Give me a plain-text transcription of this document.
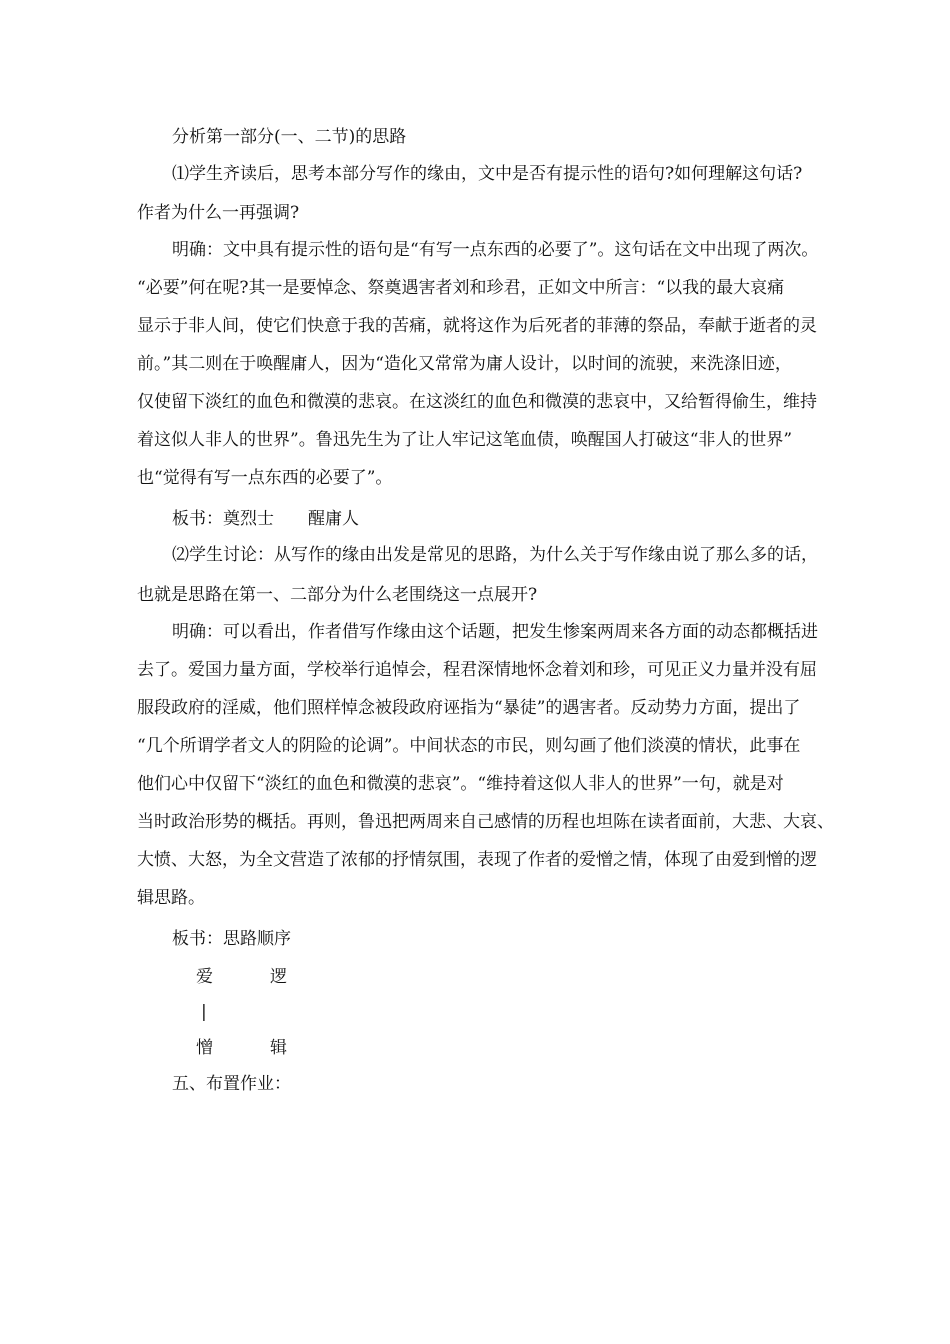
分析第一部分(一、二节)的思路
⑴学生齐读后，思考本部分写作的缘由，文中是否有提示性的语句?如何理解这句话?
作者为什么一再强调?
明确：文中具有提示性的语句是“有写一点东西的必要了”。这句话在文中出现了两次。
“必要”何在呢?其一是要悼念、祭奠遇害者刘和珍君，正如文中所言：“以我的最大哀痛
显示于非人间，使它们快意于我的苦痛，就将这作为后死者的菲薄的祭品，奉献于逝者的灵
前。”其二则在于唤醒庸人，因为“造化又常常为庸人设计，以时间的流驶，来洗涤旧迹，
仅使留下淡红的血色和微漠的悲哀。在这淡红的血色和微漠的悲哀中，又给暂得偷生，维持
着这似人非人的世界”。鲁迅先生为了让人牢记这笔血债，唤醒国人打破这“非人的世界”
也“觉得有写一点东西的必要了”。
板书：奠烈士　　醒庸人
⑵学生讨论：从写作的缘由出发是常见的思路，为什么关于写作缘由说了那么多的话，
也就是思路在第一、二部分为什么老围绕这一点展开?
明确：可以看出，作者借写作缘由这个话题，把发生惨案两周来各方面的动态都概括进
去了。爱国力量方面，学校举行追悼会，程君深情地怀念着刘和珍，可见正义力量并没有屈
服段政府的淫威，他们照样悼念被段政府诬指为“暴徒”的遇害者。反动势力方面，提出了
“几个所谓学者文人的阴险的论调”。中间状态的市民，则勾画了他们淡漠的情状，此事在
他们心中仅留下“淡红的血色和微漠的悲哀”。“维持着这似人非人的世界”一句，就是对
当时政治形势的概括。再则，鲁迅把两周来自己感情的历程也坦陈在读者面前，大悲、大哀、
大愤、大怒，为全文营造了浓郁的抒情氛围，表现了作者的爱憎之情，体现了由爱到憎的逻
辑思路。
板书：思路顺序
爱	逻
|
憎	辑
五、布置作业：
